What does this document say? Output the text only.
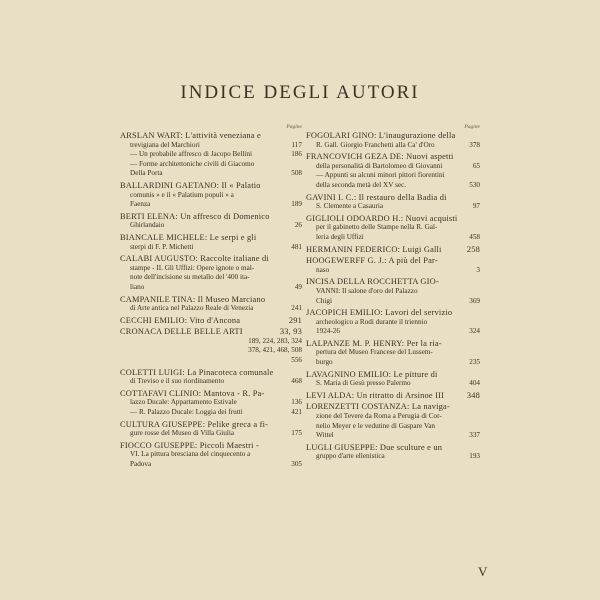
INDICE DEGLI AUTORI
Pagine
ARSLAN WART: L'attività veneziana e
trevigiana del Marchiori	117
— Un probabile affresco di Jacopo Bellini	186
— Forme architettoniche civili di Giacomo
Della Porta	508
BALLARDINI GAETANO: Il « Palatio
comunis » e il « Palatium populi » a
Faenza	189
BERTI ELENA: Un affresco di Domenico
Ghirlandaio	26
BIANCALE MICHELE: Le serpi e gli
sterpi di F. P. Michetti	481
CALABI AUGUSTO: Raccolte italiane di
stampe - II. Gli Uffizi: Opere ignote o mal-
note dell'incisione su metallo del '400 ita-
liano	49
CAMPANILE TINA: Il Museo Marciano
di Arte antica nel Palazzo Reale di Venezia	241
CECCHI EMILIO: Vito d'Ancona	291
CRONACA DELLE BELLE ARTI	33, 93
189, 224, 283, 324
378, 421, 468, 508
556
COLETTI LUIGI: La Pinacoteca comunale
di Treviso e il suo riordinamento	468
COTTAFAVI CLINIO: Mantova - R. Pa-
lazzo Ducale: Appartamento Estivale	136
— R. Palazzo Ducale: Loggia dei frutti	421
CULTURA GIUSEPPE: Pelike greca a fi-
gure rosse del Museo di Villa Giulia	175
FIOCCO GIUSEPPE: Piccoli Maestri -
VI. La pittura bresciana del cinquecento a
Padova	305
Pagine
FOGOLARI GINO: L'inaugurazione della
R. Gall. Giorgio Franchetti alla Ca' d'Oro	378
FRANCOVICH GEZA DE: Nuovi aspetti
della personalità di Bartolomeo di Giovanni	65
— Appunti su alcuni minori pittori fiorentini
della seconda metà del XV sec.	530
GAVINI I. C.: Il restauro della Badia di
S. Clemente a Casauria	97
GIGLIOLI ODOARDO H.: Nuovi acquisti
per il gabinetto delle Stampe nella R. Gal-
leria degli Uffizi	458
HERMANIN FEDERICO: Luigi Galli	258
HOOGEWERFF G. J.: A più del Par-
naso	3
INCISA DELLA ROCCHETTA GIO-
VANNI: Il salone d'oro del Palazzo
Chigi	369
JACOPICH EMILIO: Lavori del servizio
archeologico a Rodi durante il triennio
1924-26	324
LALPANZE M. P. HENRY: Per la ria-
pertura del Museo Francese del Lussem-
burgo	235
LAVAGNINO EMILIO: Le pitture di
S. Maria di Gesù presso Palermo	404
LEVI ALDA: Un ritratto di Arsinoe III	348
LORENZETTI COSTANZA: La naviga-
zione del Tevere da Roma a Perugia di Cor-
nelio Meyer e le vedutine di Gaspare Van
Wittel	337
LUGLI GIUSEPPE: Due sculture e un
gruppo d'arte ellenistica	193
V
